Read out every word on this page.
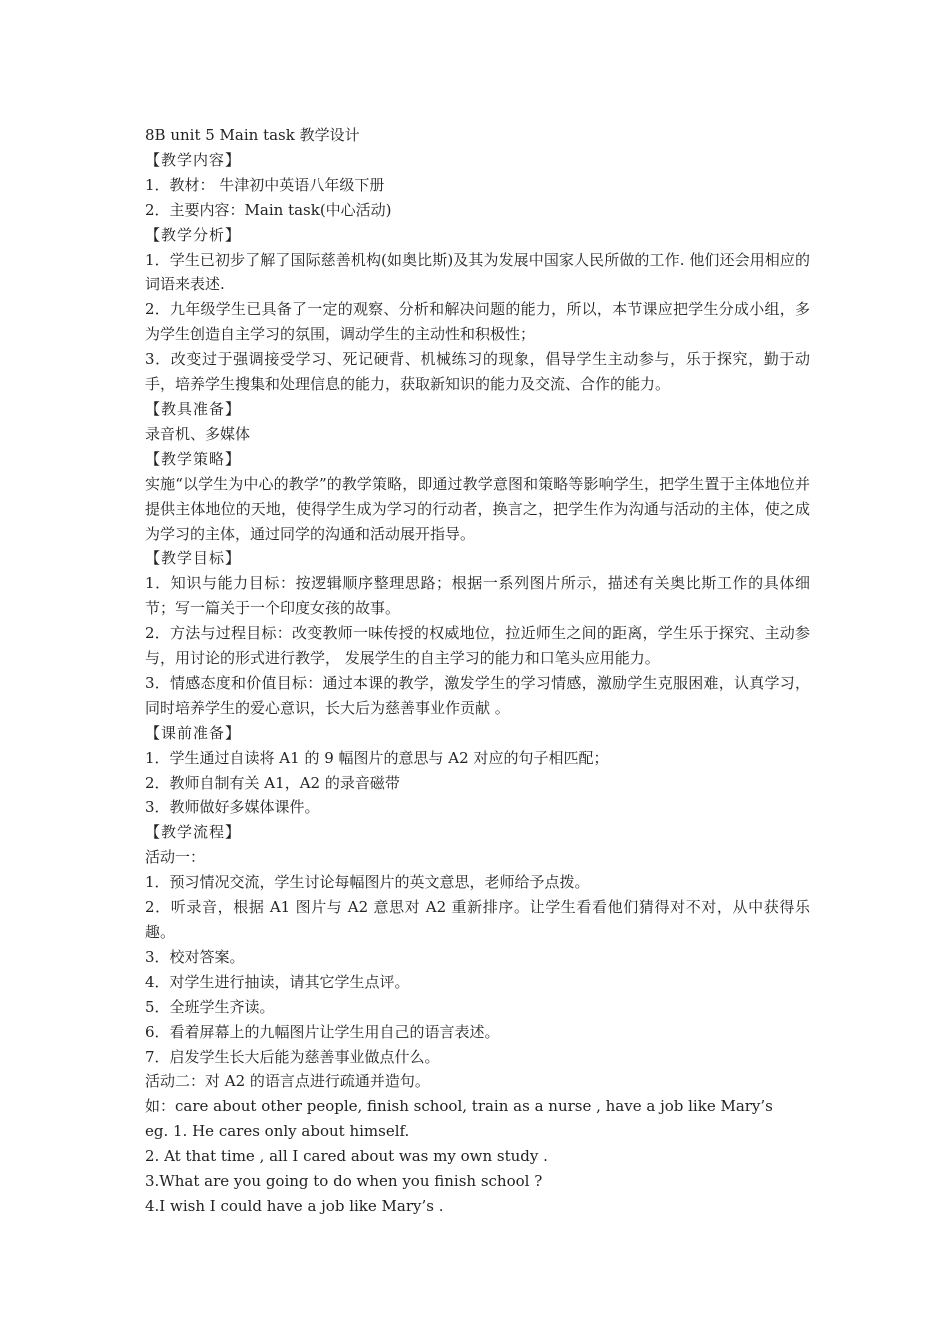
8B unit 5 Main task 教学设计

【教学内容】

1．教材： 牛津初中英语八年级下册

2．主要内容：Main task(中心活动)

【教学分析】

1．学生已初步了解了国际慈善机构(如奥比斯)及其为发展中国家人民所做的工作. 他们还会用相应的词语来表述.

2．九年级学生已具备了一定的观察、分析和解决问题的能力，所以，本节课应把学生分成小组，多为学生创造自主学习的氛围，调动学生的主动性和积极性；

3．改变过于强调接受学习、死记硬背、机械练习的现象，倡导学生主动参与，乐于探究，勤于动手，培养学生搜集和处理信息的能力，获取新知识的能力及交流、合作的能力。

【教具准备】

录音机、多媒体

【教学策略】

实施“以学生为中心的教学”的教学策略，即通过教学意图和策略等影响学生，把学生置于主体地位并提供主体地位的天地，使得学生成为学习的行动者，换言之，把学生作为沟通与活动的主体，使之成为学习的主体，通过同学的沟通和活动展开指导。

【教学目标】

1．知识与能力目标：按逻辑顺序整理思路；根据一系列图片所示，描述有关奥比斯工作的具体细节；写一篇关于一个印度女孩的故事。

2．方法与过程目标：改变教师一味传授的权威地位，拉近师生之间的距离，学生乐于探究、主动参与，用讨论的形式进行教学， 发展学生的自主学习的能力和口笔头应用能力。

3．情感态度和价值目标：通过本课的教学，激发学生的学习情感，激励学生克服困难，认真学习，同时培养学生的爱心意识，长大后为慈善事业作贡献 。

【课前准备】

1．学生通过自读将 A1 的 9 幅图片的意思与 A2 对应的句子相匹配；

2．教师自制有关 A1，A2 的录音磁带

3．教师做好多媒体课件。

【教学流程】

活动一：

1．预习情况交流，学生讨论每幅图片的英文意思，老师给予点拨。

2．听录音，根据 A1 图片与 A2 意思对 A2 重新排序。让学生看看他们猜得对不对，从中获得乐趣。

3．校对答案。

4．对学生进行抽读，请其它学生点评。

5．全班学生齐读。

6．看着屏幕上的九幅图片让学生用自己的语言表述。

7．启发学生长大后能为慈善事业做点什么。

活动二：对 A2 的语言点进行疏通并造句。

如：care about other people, finish school, train as a nurse , have a job like Mary’s

eg. 1. He cares only about himself.

2. At that time , all I cared about was my own study .

3.What are you going to do when you finish school ?

4.I wish I could have a job like Mary’s .
